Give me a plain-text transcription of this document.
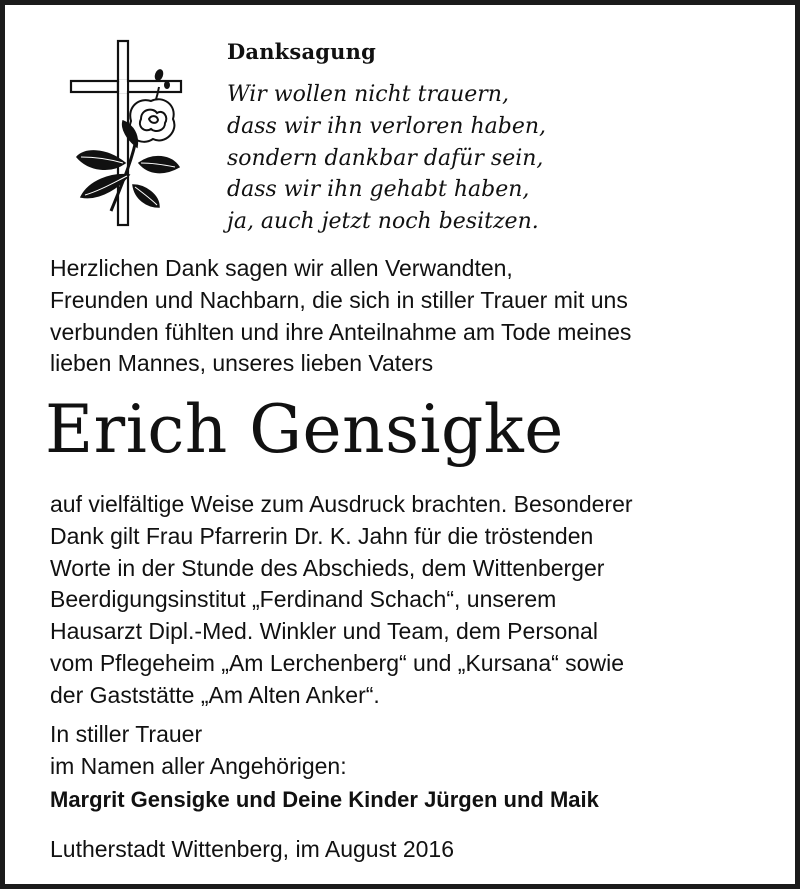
Danksagung
Wir wollen nicht trauern,
dass wir ihn verloren haben,
sondern dankbar dafür sein,
dass wir ihn gehabt haben,
ja, auch jetzt noch besitzen.
Herzlichen Dank sagen wir allen Verwandten,
Freunden und Nachbarn, die sich in stiller Trauer mit uns
verbunden fühlten und ihre Anteilnahme am Tode meines
lieben Mannes, unseres lieben Vaters
Erich Gensigke
auf vielfältige Weise zum Ausdruck brachten. Besonderer
Dank gilt Frau Pfarrerin Dr. K. Jahn für die tröstenden
Worte in der Stunde des Abschieds, dem Wittenberger
Beerdigungsinstitut „Ferdinand Schach“, unserem
Hausarzt Dipl.-Med. Winkler und Team, dem Personal
vom Pflegeheim „Am Lerchenberg“ und „Kursana“ sowie
der Gaststätte „Am Alten Anker“.
In stiller Trauer
im Namen aller Angehörigen:
Margrit Gensigke und Deine Kinder Jürgen und Maik
Lutherstadt Wittenberg, im August 2016
